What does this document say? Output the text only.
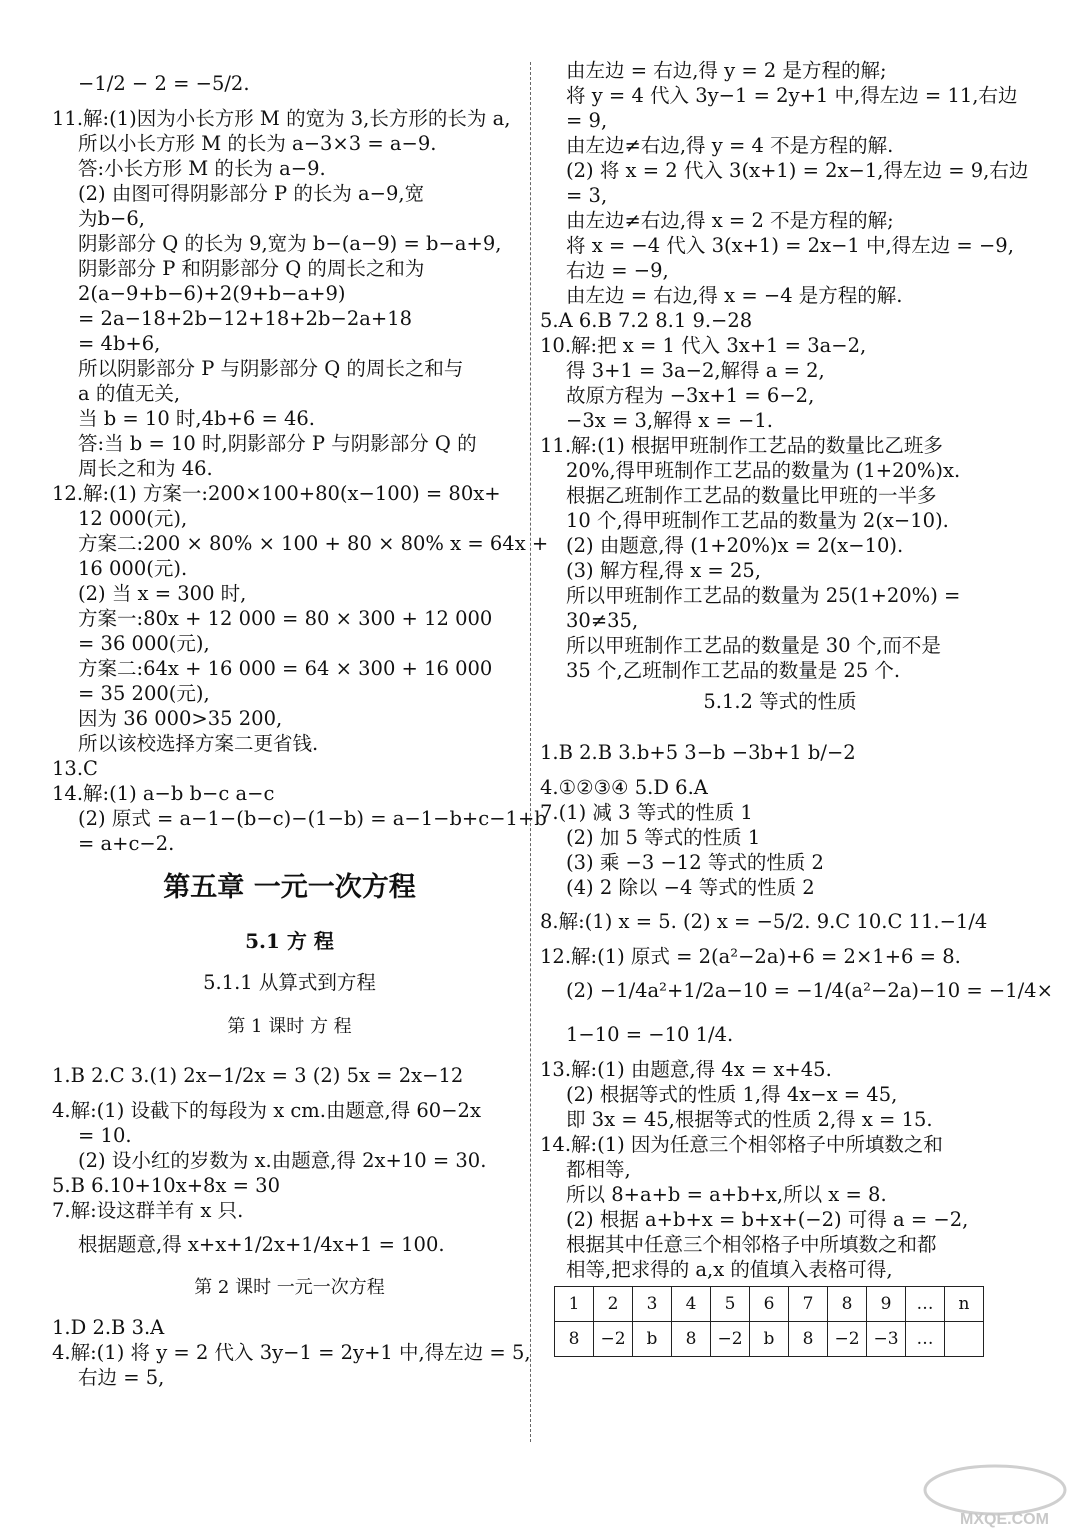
−1/2 − 2 = −5/2.
11.解:(1)因为小长方形 M 的宽为 3,长方形的长为 a,
所以小长方形 M 的长为 a−3×3 = a−9.
答:小长方形 M 的长为 a−9.
(2) 由图可得阴影部分 P 的长为 a−9,宽
为b−6,
阴影部分 Q 的长为 9,宽为 b−(a−9) = b−a+9,
阴影部分 P 和阴影部分 Q 的周长之和为
2(a−9+b−6)+2(9+b−a+9)
= 2a−18+2b−12+18+2b−2a+18
= 4b+6,
所以阴影部分 P 与阴影部分 Q 的周长之和与
a 的值无关,
当 b = 10 时,4b+6 = 46.
答:当 b = 10 时,阴影部分 P 与阴影部分 Q 的
周长之和为 46.
12.解:(1) 方案一:200×100+80(x−100) = 80x+
12 000(元),
方案二:200 × 80% × 100 + 80 × 80% x = 64x +
16 000(元).
(2) 当 x = 300 时,
方案一:80x + 12 000 = 80 × 300 + 12 000
= 36 000(元),
方案二:64x + 16 000 = 64 × 300 + 16 000
= 35 200(元),
因为 36 000>35 200,
所以该校选择方案二更省钱.
13.C
14.解:(1) a−b b−c a−c
(2) 原式 = a−1−(b−c)−(1−b) = a−1−b+c−1+b
= a+c−2.
第五章 一元一次方程
5.1 方 程
5.1.1 从算式到方程
第 1 课时 方 程
1.B 2.C 3.(1) 2x−1/2x = 3 (2) 5x = 2x−12
4.解:(1) 设截下的每段为 x cm.由题意,得 60−2x
= 10.
(2) 设小红的岁数为 x.由题意,得 2x+10 = 30.
5.B 6.10+10x+8x = 30
7.解:设这群羊有 x 只.
根据题意,得 x+x+1/2x+1/4x+1 = 100.
第 2 课时 一元一次方程
1.D 2.B 3.A
4.解:(1) 将 y = 2 代入 3y−1 = 2y+1 中,得左边 = 5,
右边 = 5,
由左边 = 右边,得 y = 2 是方程的解;
将 y = 4 代入 3y−1 = 2y+1 中,得左边 = 11,右边
= 9,
由左边≠右边,得 y = 4 不是方程的解.
(2) 将 x = 2 代入 3(x+1) = 2x−1,得左边 = 9,右边
= 3,
由左边≠右边,得 x = 2 不是方程的解;
将 x = −4 代入 3(x+1) = 2x−1 中,得左边 = −9,
右边 = −9,
由左边 = 右边,得 x = −4 是方程的解.
5.A 6.B 7.2 8.1 9.−28
10.解:把 x = 1 代入 3x+1 = 3a−2,
得 3+1 = 3a−2,解得 a = 2,
故原方程为 −3x+1 = 6−2,
−3x = 3,解得 x = −1.
11.解:(1) 根据甲班制作工艺品的数量比乙班多
20%,得甲班制作工艺品的数量为 (1+20%)x.
根据乙班制作工艺品的数量比甲班的一半多
10 个,得甲班制作工艺品的数量为 2(x−10).
(2) 由题意,得 (1+20%)x = 2(x−10).
(3) 解方程,得 x = 25,
所以甲班制作工艺品的数量为 25(1+20%) =
30≠35,
所以甲班制作工艺品的数量是 30 个,而不是
35 个,乙班制作工艺品的数量是 25 个.
5.1.2 等式的性质
1.B 2.B 3.b+5 3−b −3b+1 b/−2
4.①②③④ 5.D 6.A
7.(1) 减 3 等式的性质 1
(2) 加 5 等式的性质 1
(3) 乘 −3 −12 等式的性质 2
(4) 2 除以 −4 等式的性质 2
8.解:(1) x = 5. (2) x = −5/2. 9.C 10.C 11.−1/4
12.解:(1) 原式 = 2(a²−2a)+6 = 2×1+6 = 8.
(2) −1/4a²+1/2a−10 = −1/4(a²−2a)−10 = −1/4×
1−10 = −10 1/4.
13.解:(1) 由题意,得 4x = x+45.
(2) 根据等式的性质 1,得 4x−x = 45,
即 3x = 45,根据等式的性质 2,得 x = 15.
14.解:(1) 因为任意三个相邻格子中所填数之和
都相等,
所以 8+a+b = a+b+x,所以 x = 8.
(2) 根据 a+b+x = b+x+(−2) 可得 a = −2,
根据其中任意三个相邻格子中所填数之和都
相等,把求得的 a,x 的值填入表格可得,
1	2	3	4	5	6	7	8	9	…	n
8	−2	b	8	−2	b	8	−2	−3	…	
MXQE.COM
